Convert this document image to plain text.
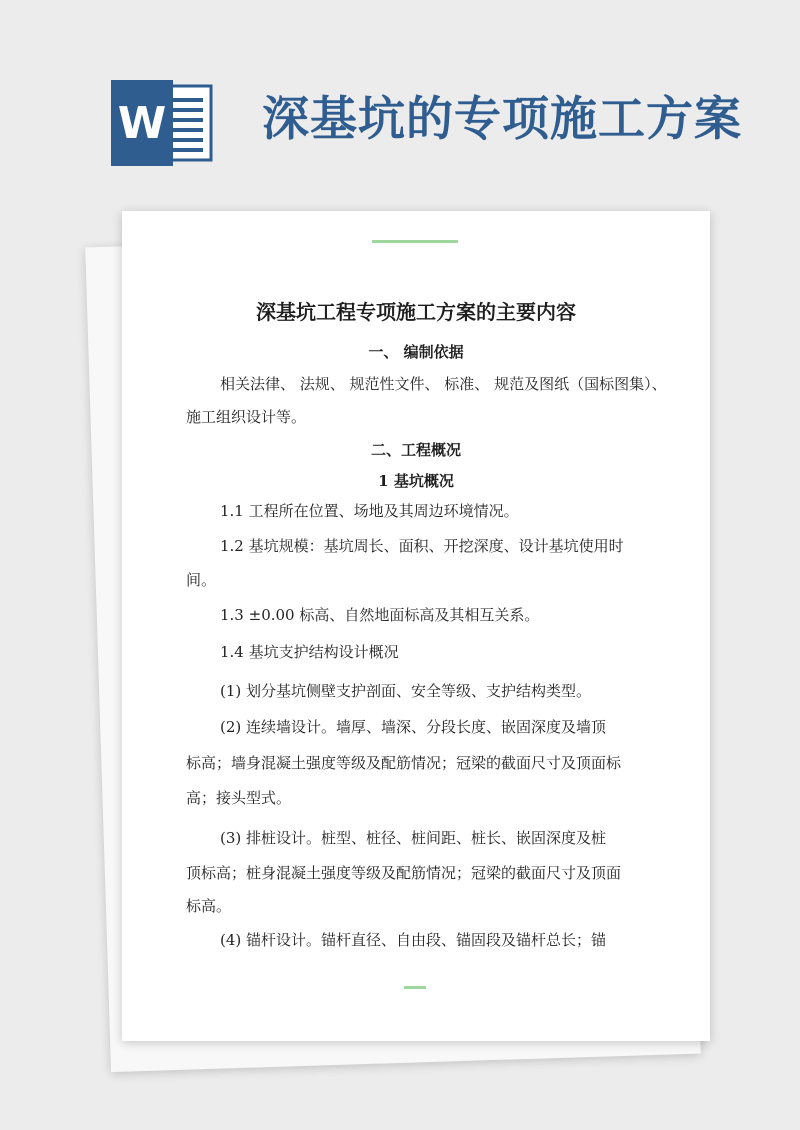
W 深基坑的专项施工方案
深基坑工程专项施工方案的主要内容
一、 编制依据
相关法律、 法规、 规范性文件、 标准、 规范及图纸（国标图集）、
施工组织设计等。
二、工程概况
1 基坑概况
1.1 工程所在位置、场地及其周边环境情况。
1.2 基坑规模：基坑周长、面积、开挖深度、设计基坑使用时
间。
1.3 ±0.00 标高、自然地面标高及其相互关系。
1.4 基坑支护结构设计概况
(1) 划分基坑侧壁支护剖面、安全等级、支护结构类型。
(2) 连续墙设计。墙厚、墙深、分段长度、嵌固深度及墙顶
标高；墙身混凝土强度等级及配筋情况；冠梁的截面尺寸及顶面标
高；接头型式。
(3) 排桩设计。桩型、桩径、桩间距、桩长、嵌固深度及桩
顶标高；桩身混凝土强度等级及配筋情况；冠梁的截面尺寸及顶面
标高。
(4) 锚杆设计。锚杆直径、自由段、锚固段及锚杆总长；锚
